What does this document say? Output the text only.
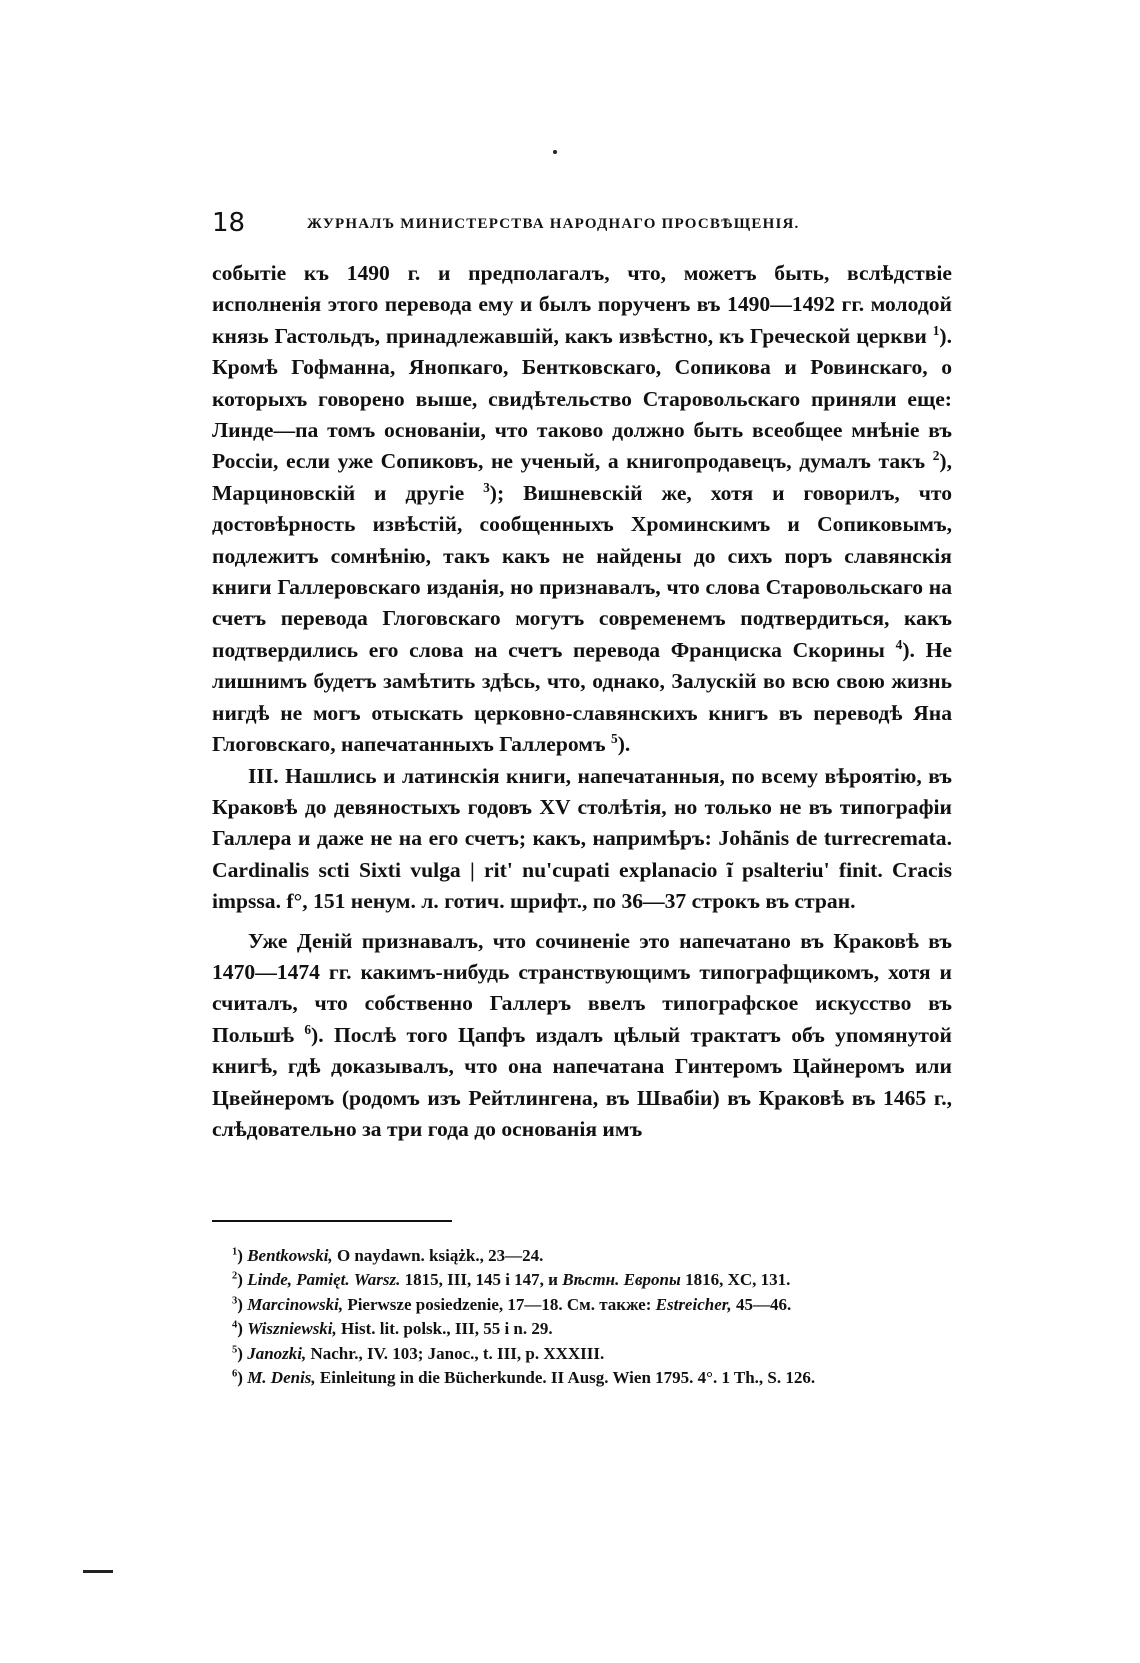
18	ЖУРНАЛЪ МИНИСТЕРСТВА НАРОДНАГО ПРОСВѢЩЕНІЯ.

событіе къ 1490 г. и предполагалъ, что, можетъ быть, вслѣдствіе исполненія этого перевода ему и былъ порученъ въ 1490—1492 гг. молодой князь Гастольдъ, принадлежавшій, какъ извѣстно, къ Греческой церкви $^1$). Кромѣ Гофманна, Янопкаго, Бентковскаго, Сопикова и Ровинскаго, о которыхъ говорено выше, свидѣтельство Старовольскаго приняли еще: Линде—па томъ основаніи, что таково должно быть всеобщее мнѣніе въ Россіи, если уже Сопиковъ, не ученый, а книгопродавецъ, думалъ такъ $^2$), Марциновскій и другіе $^3$); Вишневскій же, хотя и говорилъ, что достовѣрность извѣстій, сообщенныхъ Хроминскимъ и Сопиковымъ, подлежитъ сомнѣнію, такъ какъ не найдены до сихъ поръ славянскія книги Галлеровскаго изданія, но признавалъ, что слова Старовольскаго на счетъ перевода Глоговскаго могутъ современемъ подтвердиться, какъ подтвердились его слова на счетъ перевода Франциска Скорины $^4$). Не лишнимъ будетъ замѣтить здѣсь, что, однако, Залускій во всю свою жизнь нигдѣ не могъ отыскать церковно-славянскихъ книгъ въ переводѣ Яна Глоговскаго, напечатанныхъ Галлеромъ $^5$).

III. Нашлись и латинскія книги, напечатанныя, по всему вѣроятію, въ Краковѣ до девяностыхъ годовъ XV столѣтія, но только не въ типографіи Галлера и даже не на его счетъ; какъ, напримѣръ: Johãnis de turrecremata. Cardinalis scti Sixti vulga | rit' nu'cupati explanacio ĩ psalteriu' finit. Cracis impssa. f°, 151 ненум. л. готич. шрифт., по 36—37 строкъ въ стран.

Уже Деній признавалъ, что сочиненіе это напечатано въ Краковѣ въ 1470—1474 гг. какимъ-нибудь странствующимъ типографщикомъ, хотя и считалъ, что собственно Галлеръ ввелъ типографское искусство въ Польшѣ $^6$). Послѣ того Цапфъ издалъ цѣлый трактатъ объ упомянутой книгѣ, гдѣ доказывалъ, что она напечатана Гинтеромъ Цайнеромъ или Цвейнеромъ (родомъ изъ Рейтлингена, въ Швабіи) въ Краковѣ въ 1465 г., слѣдовательно за три года до основанія имъ

$^1$) Bentkowski, O naydawn. książk., 23—24.

$^2$) Linde, Pamięt. Warsz. 1815, III, 145 i 147, и Вѣстн. Европы 1816, XC, 131.

$^3$) Marcinowski, Pierwsze posiedzenie, 17—18. См. также: Estreicher, 45—46.

$^4$) Wiszniewski, Hist. lit. polsk., III, 55 i n. 29.

$^5$) Janozki, Nachr., IV. 103; Janoc., t. III, p. XXXIII.

$^6$) M. Denis, Einleitung in die Bücherkunde. II Ausg. Wien 1795. 4°. 1 Th., S. 126.
